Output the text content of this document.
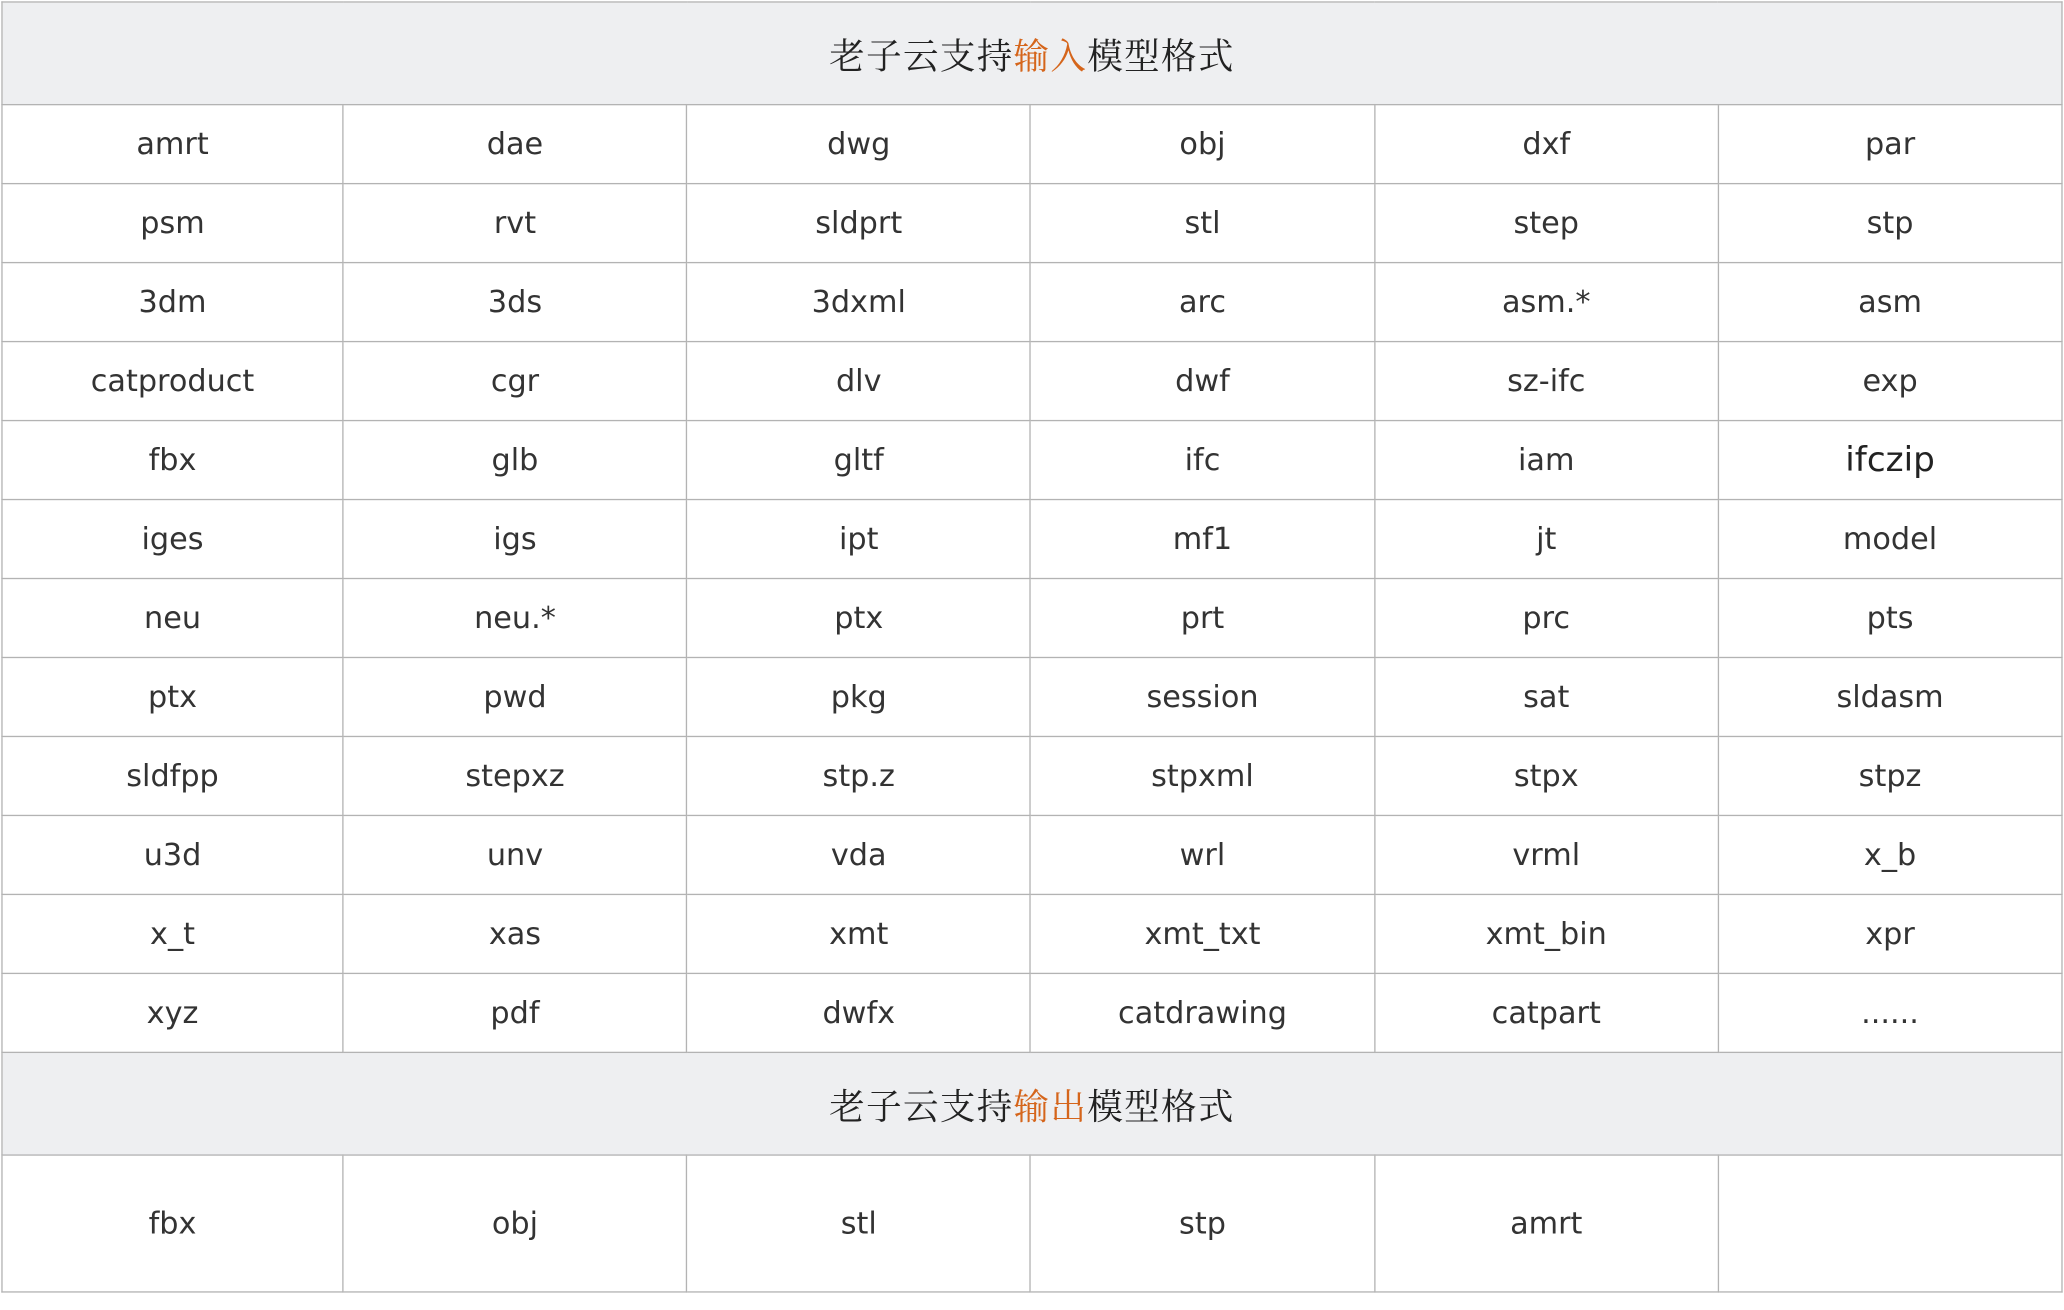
老子云支持输入模型格式					
amrt	dae	dwg	obj	dxf	par
psm	rvt	sldprt	stl	step	stp
3dm	3ds	3dxml	arc	asm.*	asm
catproduct	cgr	dlv	dwf	sz-ifc	exp
fbx	glb	gltf	ifc	iam	ifczip
iges	igs	ipt	mf1	jt	model
neu	neu.*	ptx	prt	prc	pts
ptx	pwd	pkg	session	sat	sldasm
sldfpp	stepxz	stp.z	stpxml	stpx	stpz
u3d	unv	vda	wrl	vrml	x_b
x_t	xas	xmt	xmt_txt	xmt_bin	xpr
xyz	pdf	dwfx	catdrawing	catpart	......
老子云支持输出模型格式					
fbx	obj	stl	stp	amrt	
